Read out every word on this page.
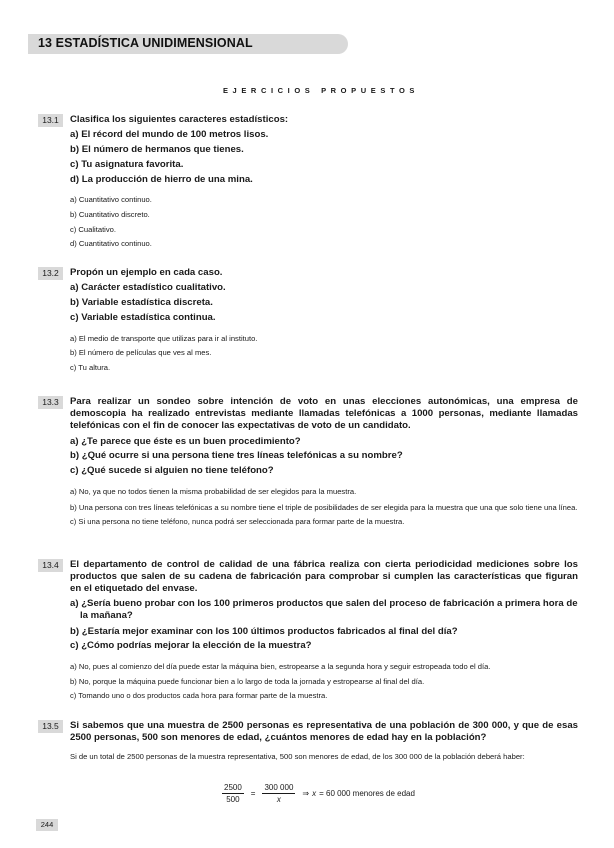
13 ESTADÍSTICA UNIDIMENSIONAL
EJERCICIOS PROPUESTOS
13.1	Clasifica los siguientes caracteres estadísticos:

a) El récord del mundo de 100 metros lisos.
b) El número de hermanos que tienes.
c) Tu asignatura favorita.
d) La producción de hierro de una mina.
a) Cuantitativo continuo.
b) Cuantitativo discreto.
c) Cualitativo.
d) Cuantitativo continuo.
13.2	Propón un ejemplo en cada caso.

a) Carácter estadístico cualitativo.
b) Variable estadística discreta.
c) Variable estadística continua.
a) El medio de transporte que utilizas para ir al instituto.
b) El número de películas que ves al mes.
c) Tu altura.
13.3	Para realizar un sondeo sobre intención de voto en unas elecciones autonómicas, una empresa de demoscopia ha realizado entrevistas mediante llamadas telefónicas a 1000 personas, mediante llamadas telefónicas con el fin de conocer las expectativas de voto de un candidato.

a) ¿Te parece que éste es un buen procedimiento?
b) ¿Qué ocurre si una persona tiene tres líneas telefónicas a su nombre?
c) ¿Qué sucede si alguien no tiene teléfono?
a) No, ya que no todos tienen la misma probabilidad de ser elegidos para la muestra.
b) Una persona con tres líneas telefónicas a su nombre tiene el triple de posibilidades de ser elegida para la muestra que una que solo tiene una línea.
c) Si una persona no tiene teléfono, nunca podrá ser seleccionada para formar parte de la muestra.
13.4	El departamento de control de calidad de una fábrica realiza con cierta periodicidad mediciones sobre los productos que salen de su cadena de fabricación para comprobar si cumplen las características que figuran en el etiquetado del envase.

a) ¿Sería bueno probar con los 100 primeros productos que salen del proceso de fabricación a primera hora de la mañana?
b) ¿Estaría mejor examinar con los 100 últimos productos fabricados al final del día?
c) ¿Cómo podrías mejorar la elección de la muestra?
a) No, pues al comienzo del día puede estar la máquina bien, estropearse a la segunda hora y seguir estropeada todo el día.
b) No, porque la máquina puede funcionar bien a lo largo de toda la jornada y estropearse al final del día.
c) Tomando uno o dos productos cada hora para formar parte de la muestra.
13.5	Si sabemos que una muestra de 2500 personas es representativa de una población de 300 000, y que de esas 2500 personas, 500 son menores de edad, ¿cuántos menores de edad hay en la población?

Si de un total de 2500 personas de la muestra representativa, 500 son menores de edad, de los 300 000 de la población deberá haber:

$\frac{2500}{500} = \frac{300 000}{x}$ ⇒ x = 60 000 menores de edad
244
